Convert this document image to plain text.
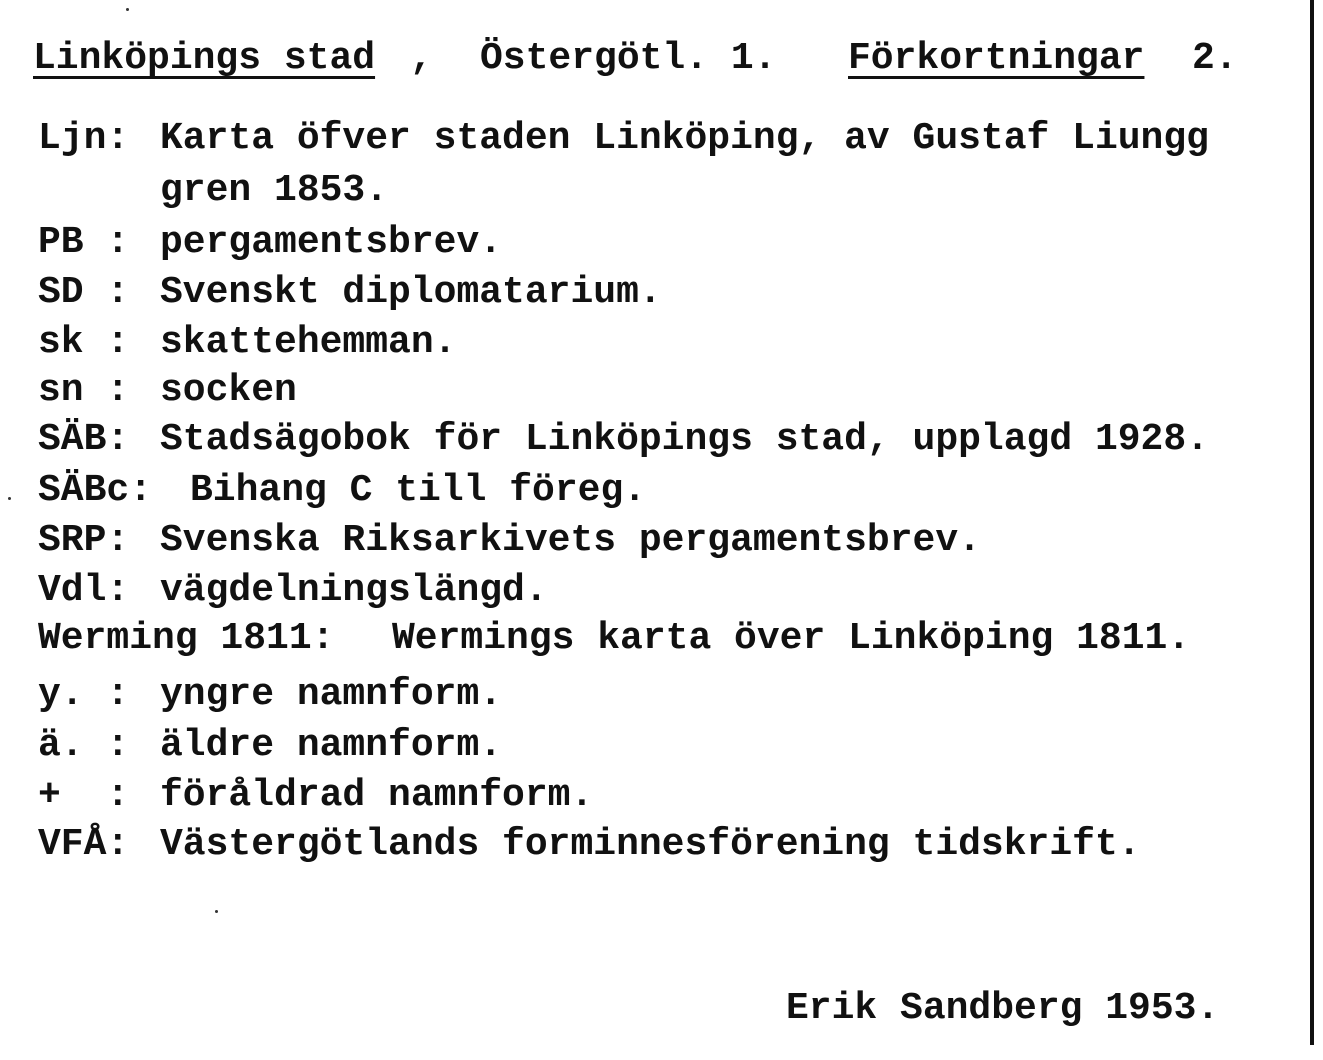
Linköpings stad , Östergötl. 1. Förkortningar 2.
Ljn: Karta öfver staden Linköping, av Gustaf Liungg
gren 1853.
PB : pergamentsbrev.
SD : Svenskt diplomatarium.
sk : skattehemman.
sn : socken
SÄB: Stadsägobok för Linköpings stad, upplagd 1928.
SÄBc: Bihang C till föreg.
SRP: Svenska Riksarkivets pergamentsbrev.
Vdl: vägdelningslängd.
Werming 1811: Wermings karta över Linköping 1811.
y. : yngre namnform.
ä. : äldre namnform.
+  : föråldrad namnform.
VFÅ: Västergötlands forminnesförening tidskrift.
Erik Sandberg 1953.
